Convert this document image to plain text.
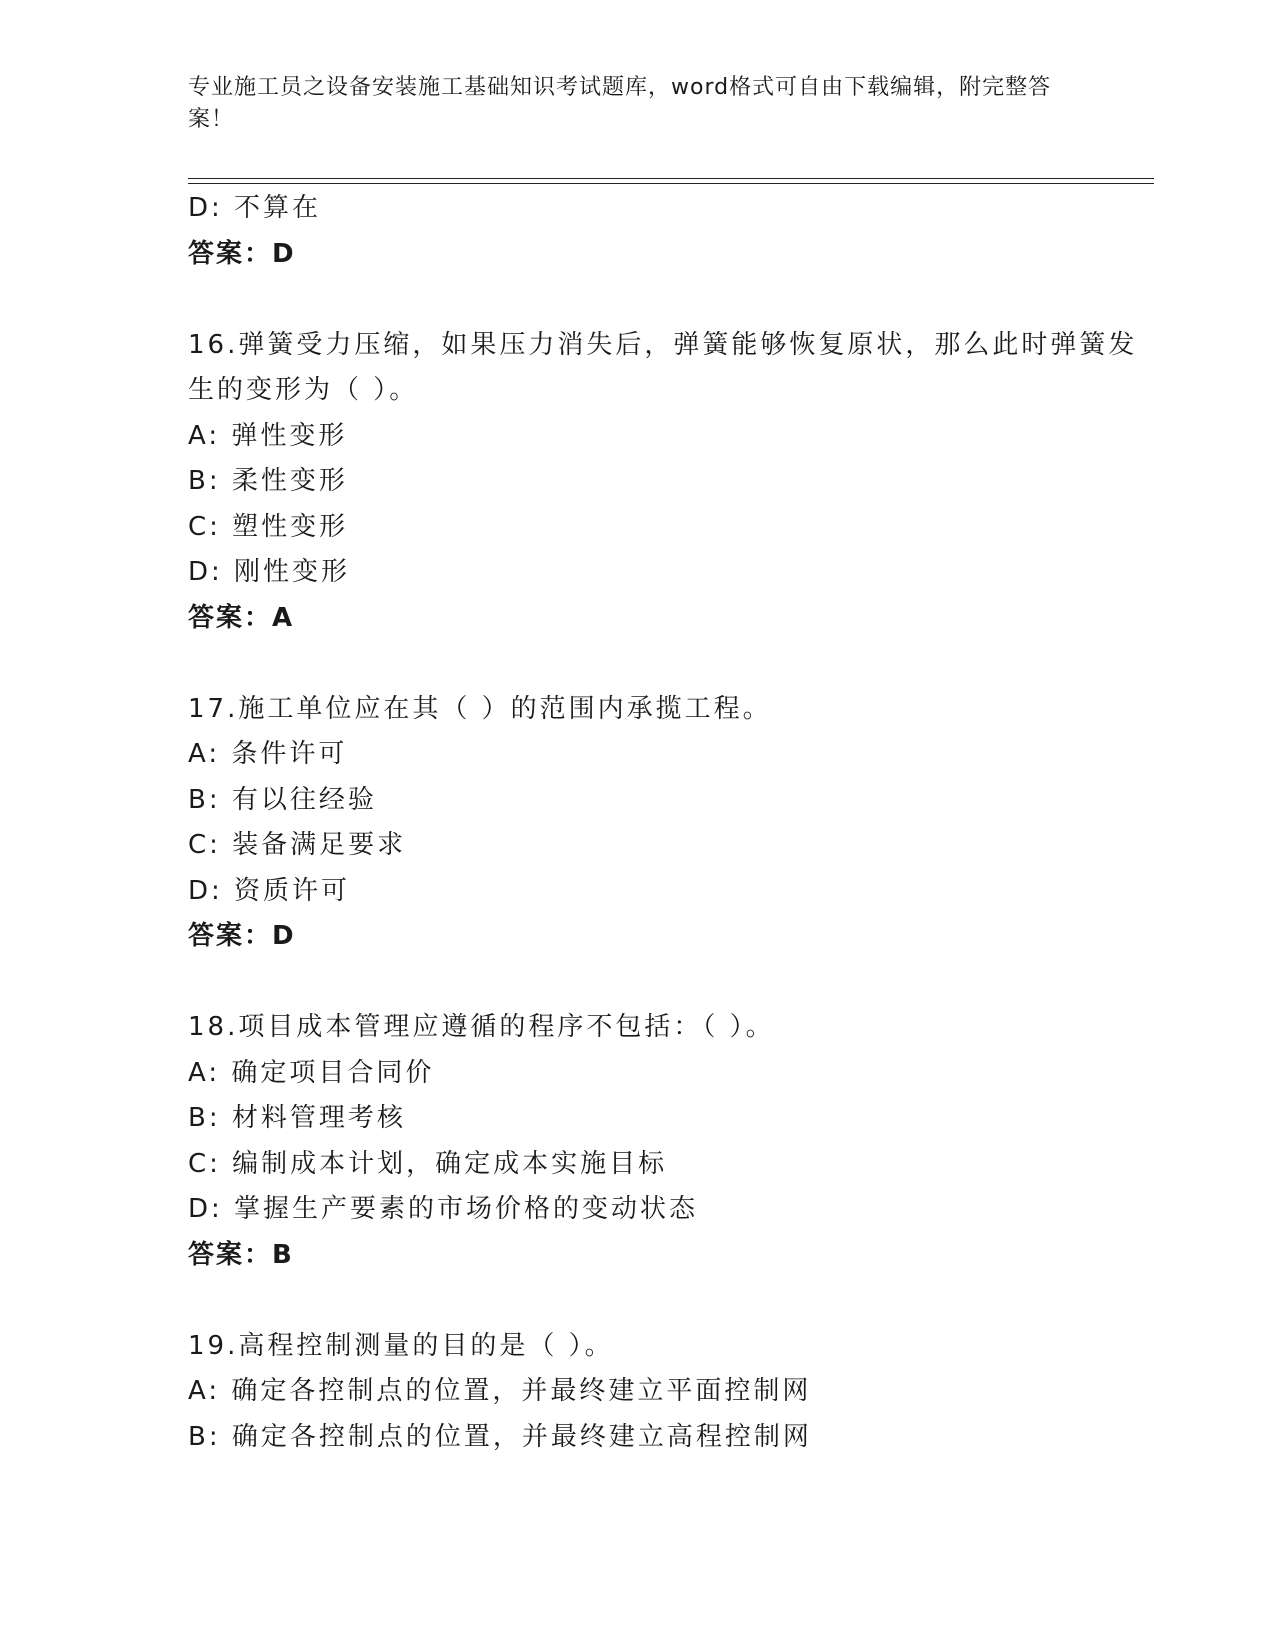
专业施工员之设备安装施工基础知识考试题库，word格式可自由下载编辑，附完整答案！
D: 不算在
答案：D
16.弹簧受力压缩，如果压力消失后，弹簧能够恢复原状，那么此时弹簧发生的变形为（ ）。
A: 弹性变形
B: 柔性变形
C: 塑性变形
D: 刚性变形
答案：A
17.施工单位应在其（ ）的范围内承揽工程。
A: 条件许可
B: 有以往经验
C: 装备满足要求
D: 资质许可
答案：D
18.项目成本管理应遵循的程序不包括：（ ）。
A: 确定项目合同价
B: 材料管理考核
C: 编制成本计划，确定成本实施目标
D: 掌握生产要素的市场价格的变动状态
答案：B
19.高程控制测量的目的是（ ）。
A: 确定各控制点的位置，并最终建立平面控制网
B: 确定各控制点的位置，并最终建立高程控制网
